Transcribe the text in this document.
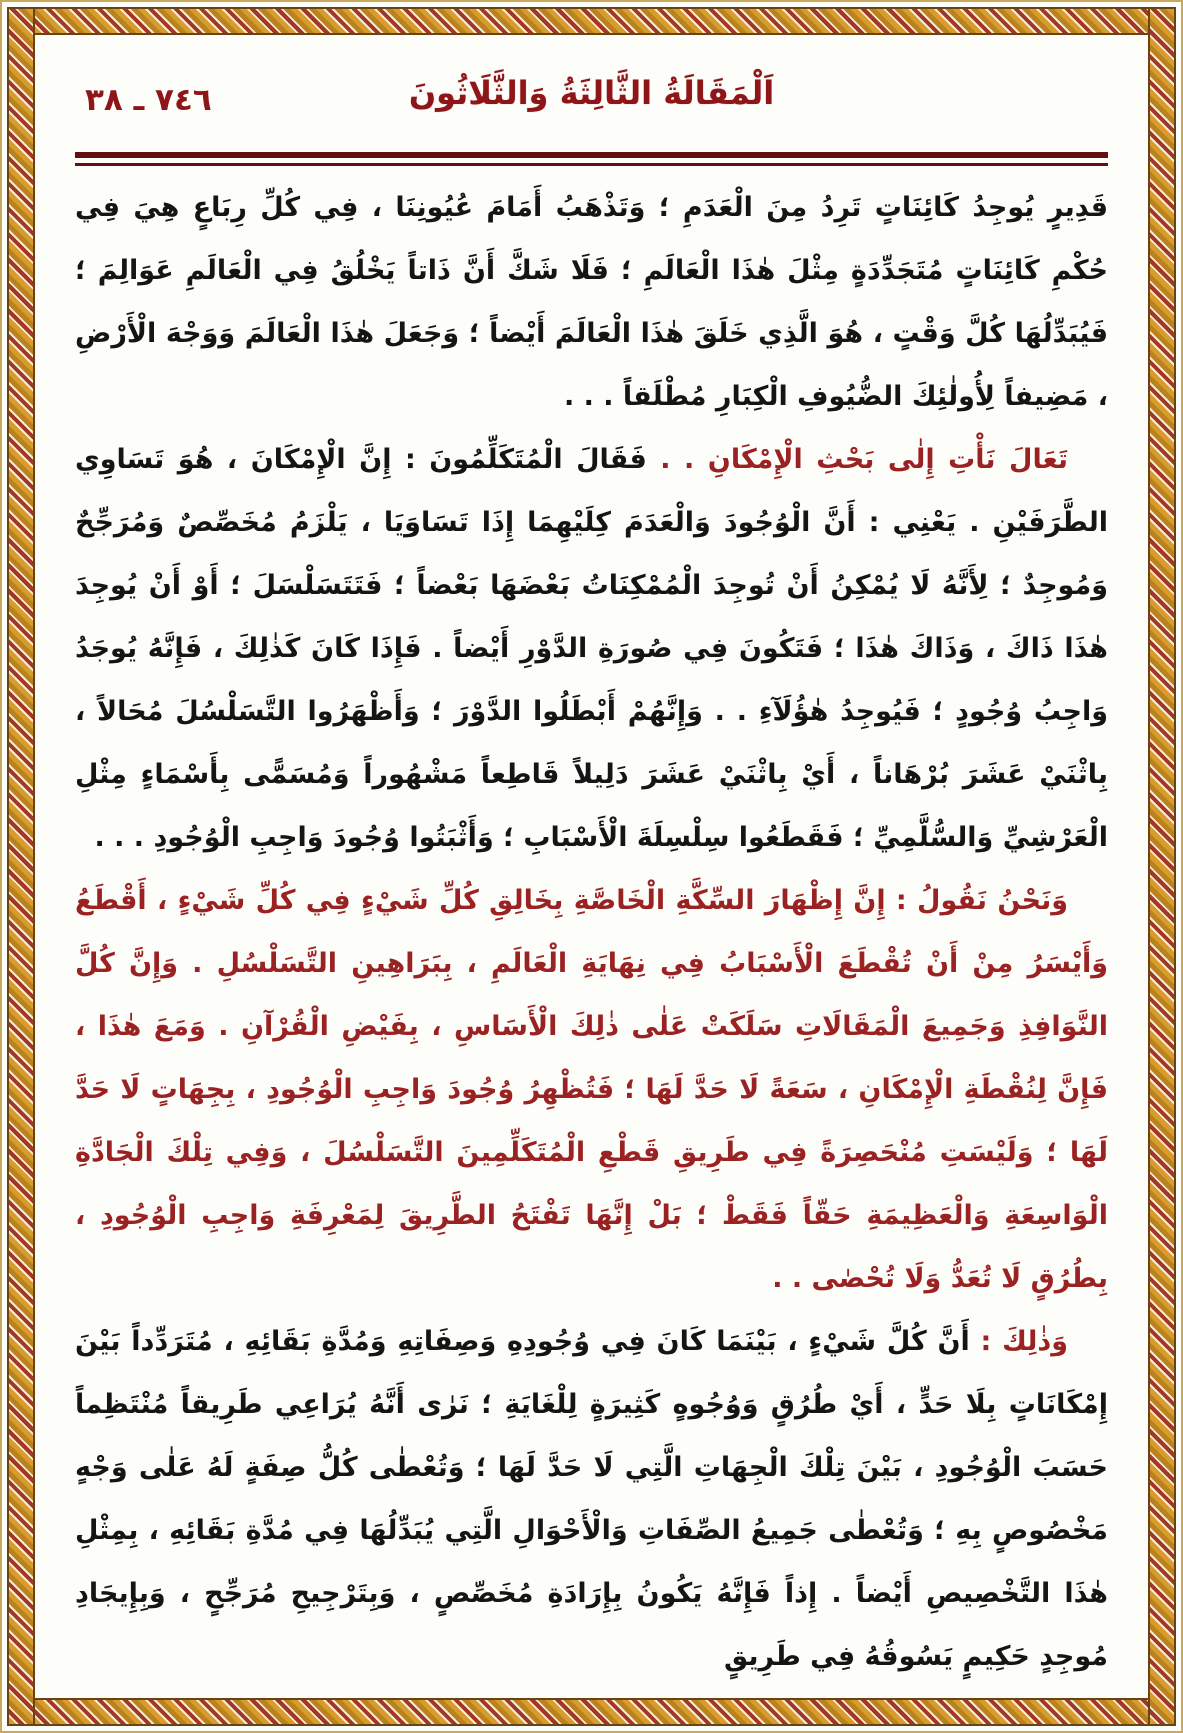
٧٤٦ ـ ٣٨	اَلْمَقَالَةُ الثَّالِثَةُ وَالثَّلَاثُونَ

قَدِيرٍ يُوجِدُ كَائِنَاتٍ تَرِدُ مِنَ الْعَدَمِ ؛ وَتَذْهَبُ أَمَامَ عُيُونِنَا ، فِي كُلِّ رِبَاعٍ هِيَ فِي حُكْمِ كَائِنَاتٍ مُتَجَدِّدَةٍ مِثْلَ هٰذَا الْعَالَمِ ؛ فَلَا شَكَّ أَنَّ ذَاتاً يَخْلُقُ فِي الْعَالَمِ عَوَالِمَ ؛ فَيُبَدِّلُهَا كُلَّ وَقْتٍ ، هُوَ الَّذِي خَلَقَ هٰذَا الْعَالَمَ أَيْضاً ؛ وَجَعَلَ هٰذَا الْعَالَمَ وَوَجْهَ الْأَرْضِ ، مَضِيفاً لِأُولٰئِكَ الضُّيُوفِ الْكِبَارِ مُطْلَقاً . . .

تَعَالَ نَأْتِ إِلٰى بَحْثِ الْإِمْكَانِ . . فَقَالَ الْمُتَكَلِّمُونَ : إِنَّ الْإِمْكَانَ ، هُوَ تَسَاوِي الطَّرَفَيْنِ . يَعْنِي : أَنَّ الْوُجُودَ وَالْعَدَمَ كِلَيْهِمَا إِذَا تَسَاوَيَا ، يَلْزَمُ مُخَصِّصٌ وَمُرَجِّحٌ وَمُوجِدٌ ؛ لِأَنَّهُ لَا يُمْكِنُ أَنْ تُوجِدَ الْمُمْكِنَاتُ بَعْضَهَا بَعْضاً ؛ فَتَتَسَلْسَلَ ؛ أَوْ أَنْ يُوجِدَ هٰذَا ذَاكَ ، وَذَاكَ هٰذَا ؛ فَتَكُونَ فِي صُورَةِ الدَّوْرِ أَيْضاً . فَإِذَا كَانَ كَذٰلِكَ ، فَإِنَّهُ يُوجَدُ وَاجِبُ وُجُودٍ ؛ فَيُوجِدُ هٰؤُلَآءِ . . وَإِنَّهُمْ أَبْطَلُوا الدَّوْرَ ؛ وَأَظْهَرُوا التَّسَلْسُلَ مُحَالاً ، بِاثْنَيْ عَشَرَ بُرْهَاناً ، أَيْ بِاثْنَيْ عَشَرَ دَلِيلاً قَاطِعاً مَشْهُوراً وَمُسَمًّى بِأَسْمَاءٍ مِثْلِ الْعَرْشِيِّ وَالسُّلَّمِيِّ ؛ فَقَطَعُوا سِلْسِلَةَ الْأَسْبَابِ ؛ وَأَثْبَتُوا وُجُودَ وَاجِبِ الْوُجُودِ . . .

وَنَحْنُ نَقُولُ : إِنَّ إِظْهَارَ السِّكَّةِ الْخَاصَّةِ بِخَالِقِ كُلِّ شَيْءٍ فِي كُلِّ شَيْءٍ ، أَقْطَعُ وَأَيْسَرُ مِنْ أَنْ تُقْطَعَ الْأَسْبَابُ فِي نِهَايَةِ الْعَالَمِ ، بِبَرَاهِينِ التَّسَلْسُلِ . وَإِنَّ كُلَّ النَّوَافِذِ وَجَمِيعَ الْمَقَالَاتِ سَلَكَتْ عَلٰى ذٰلِكَ الْأَسَاسِ ، بِفَيْضِ الْقُرْآنِ . وَمَعَ هٰذَا ، فَإِنَّ لِنُقْطَةِ الْإِمْكَانِ ، سَعَةً لَا حَدَّ لَهَا ؛ فَتُظْهِرُ وُجُودَ وَاجِبِ الْوُجُودِ ، بِجِهَاتٍ لَا حَدَّ لَهَا ؛ وَلَيْسَتِ مُنْحَصِرَةً فِي طَرِيقِ قَطْعِ الْمُتَكَلِّمِينَ التَّسَلْسُلَ ، وَفِي تِلْكَ الْجَادَّةِ الْوَاسِعَةِ وَالْعَظِيمَةِ حَقّاً فَقَطْ ؛ بَلْ إِنَّهَا تَفْتَحُ الطَّرِيقَ لِمَعْرِفَةِ وَاجِبِ الْوُجُودِ ، بِطُرُقٍ لَا تُعَدُّ وَلَا تُحْصٰى . .

وَذٰلِكَ : أَنَّ كُلَّ شَيْءٍ ، بَيْنَمَا كَانَ فِي وُجُودِهِ وَصِفَاتِهِ وَمُدَّةِ بَقَائِهِ ، مُتَرَدِّداً بَيْنَ إِمْكَانَاتٍ بِلَا حَدٍّ ، أَيْ طُرُقٍ وَوُجُوهٍ كَثِيرَةٍ لِلْغَايَةِ ؛ نَرٰى أَنَّهُ يُرَاعِي طَرِيقاً مُنْتَظِماً حَسَبَ الْوُجُودِ ، بَيْنَ تِلْكَ الْجِهَاتِ الَّتِي لَا حَدَّ لَهَا ؛ وَتُعْطٰى كُلُّ صِفَةٍ لَهُ عَلٰى وَجْهٍ مَخْصُوصٍ بِهِ ؛ وَتُعْطٰى جَمِيعُ الصِّفَاتِ وَالْأَحْوَالِ الَّتِي يُبَدِّلُهَا فِي مُدَّةِ بَقَائِهِ ، بِمِثْلِ هٰذَا التَّخْصِيصِ أَيْضاً . إِذاً فَإِنَّهُ يَكُونُ بِإِرَادَةِ مُخَصِّصٍ ، وَبِتَرْجِيحِ مُرَجِّحٍ ، وَبِإِيجَادِ مُوجِدٍ حَكِيمٍ يَسُوقُهُ فِي طَرِيقٍ
